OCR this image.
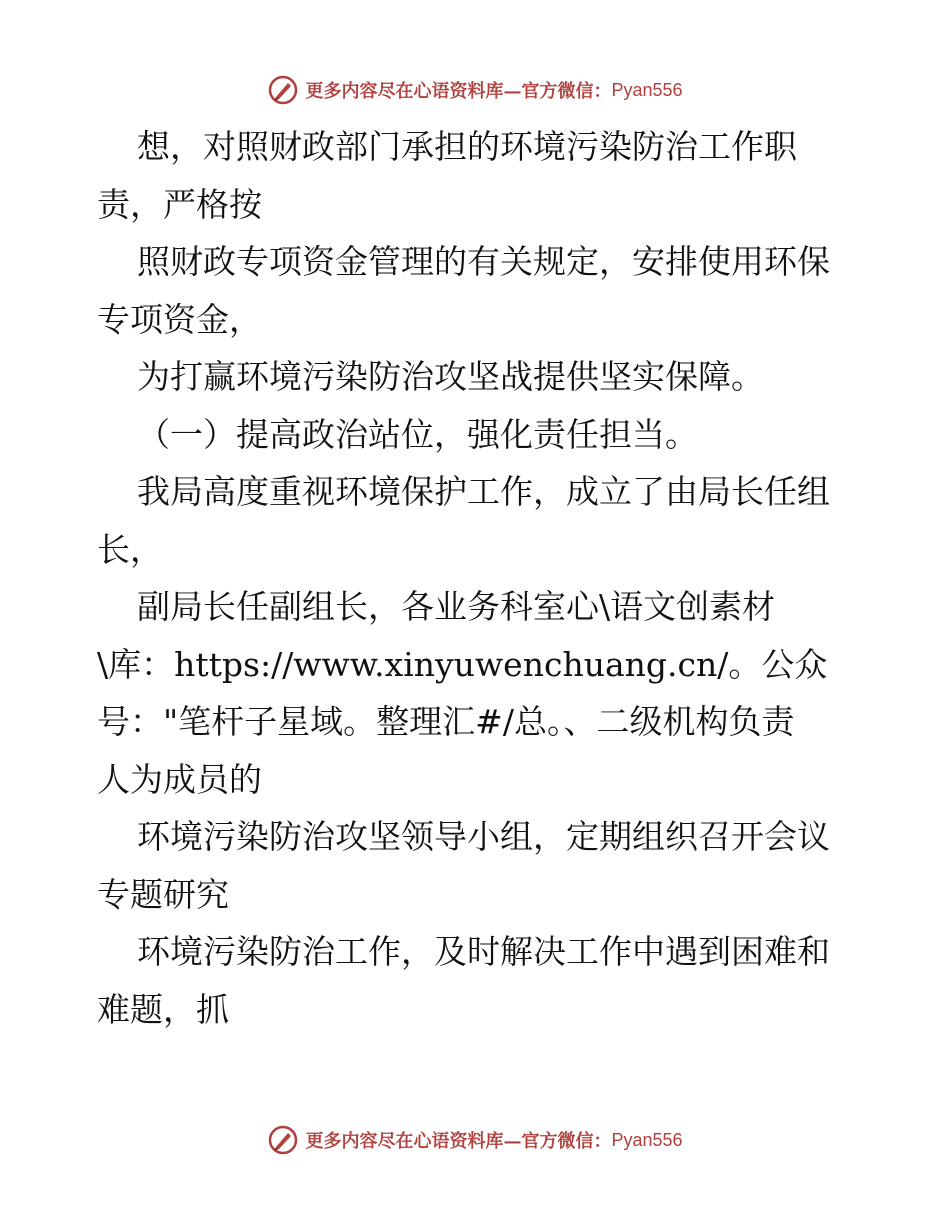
更多内容尽在心语资料库—官方微信： Pyan556
想，对照财政部门承担的环境污染防治工作职
责，严格按
照财政专项资金管理的有关规定，安排使用环保
专项资金，
为打赢环境污染防治攻坚战提供坚实保障。
（一）提高政治站位，强化责任担当。
我局高度重视环境保护工作，成立了由局长任组
长，
副局长任副组长，各业务科室心\语文创素材
\库：https://www.xinyuwenchuang.cn/。公众
号："笔杆子星域。整理汇#/总。、二级机构负责
人为成员的
环境污染防治攻坚领导小组，定期组织召开会议
专题研究
环境污染防治工作，及时解决工作中遇到困难和
难题，抓
更多内容尽在心语资料库—官方微信： Pyan556
